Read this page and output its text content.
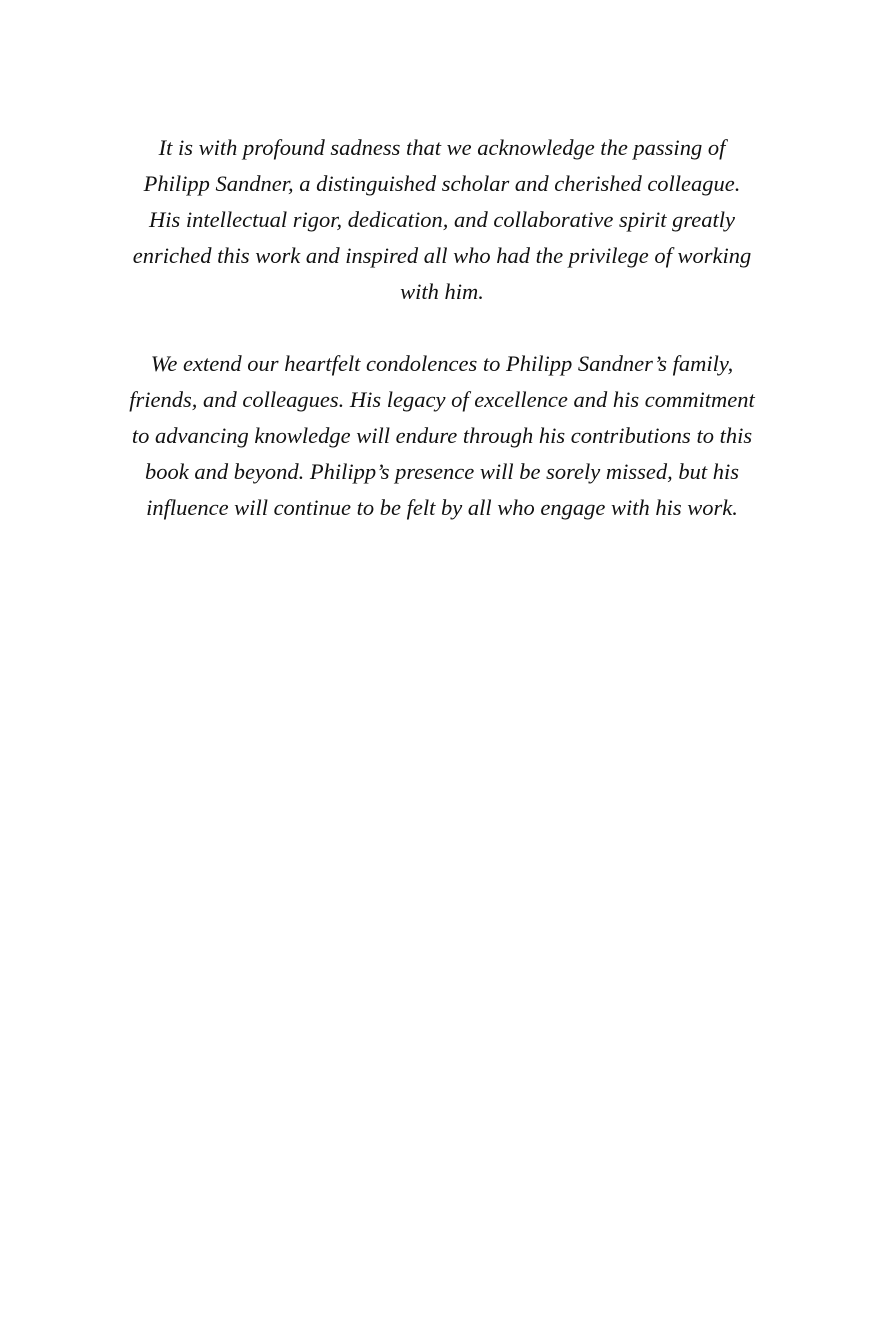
It is with profound sadness that we acknowledge the passing of
Philipp Sandner, a distinguished scholar and cherished colleague.
His intellectual rigor, dedication, and collaborative spirit greatly
enriched this work and inspired all who had the privilege of working
with him.

We extend our heartfelt condolences to Philipp Sandner’s family,
friends, and colleagues. His legacy of excellence and his commitment
to advancing knowledge will endure through his contributions to this
book and beyond. Philipp’s presence will be sorely missed, but his
influence will continue to be felt by all who engage with his work.
